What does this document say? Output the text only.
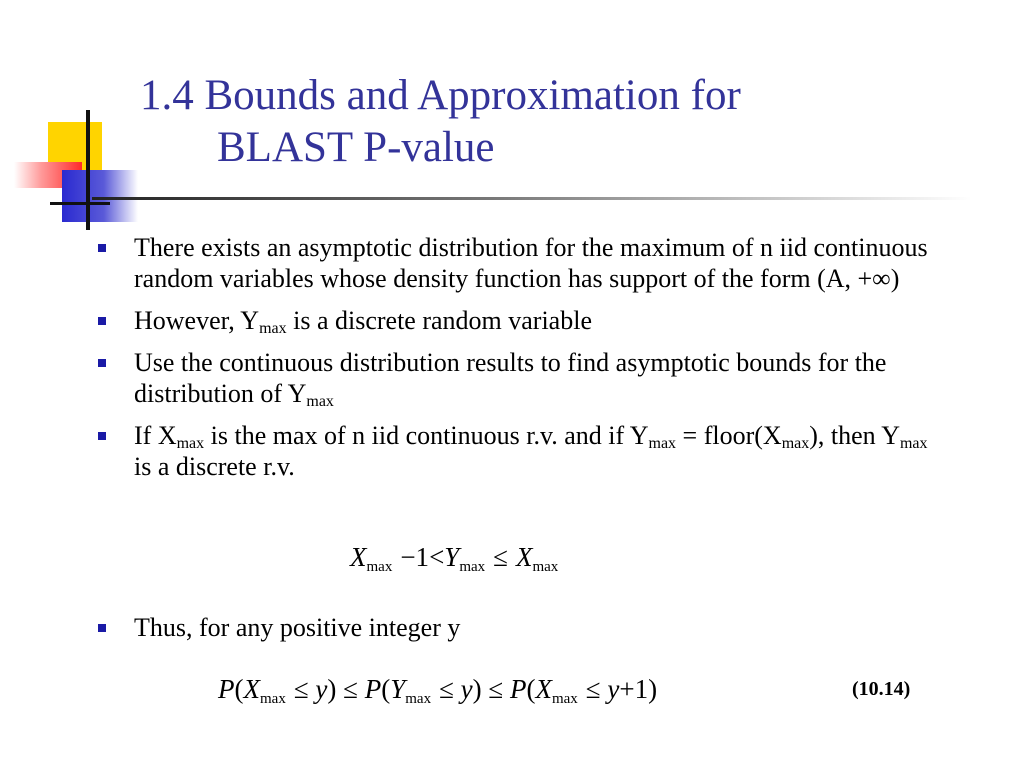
1.4 Bounds and Approximation for
BLAST P-value
There exists an asymptotic distribution for the maximum of n iid continuous random variables whose density function has support of the form (A, +∞)
However, $Y_{max}$ is a discrete random variable
Use the continuous distribution results to find asymptotic bounds for the distribution of $Y_{max}$
If $X_{max}$ is the max of n iid continuous r.v. and if $Y_{max}$ = $floor(X_{max})$, then $Y_{max}$ is a discrete r.v.
$X_{max} -1<Y_{max} \le X_{max}$
Thus, for any positive integer y
$P(X_{max} \le y) \le P(Y_{max} \le y) \le P(X_{max} \le y+1)$	(10.14)
